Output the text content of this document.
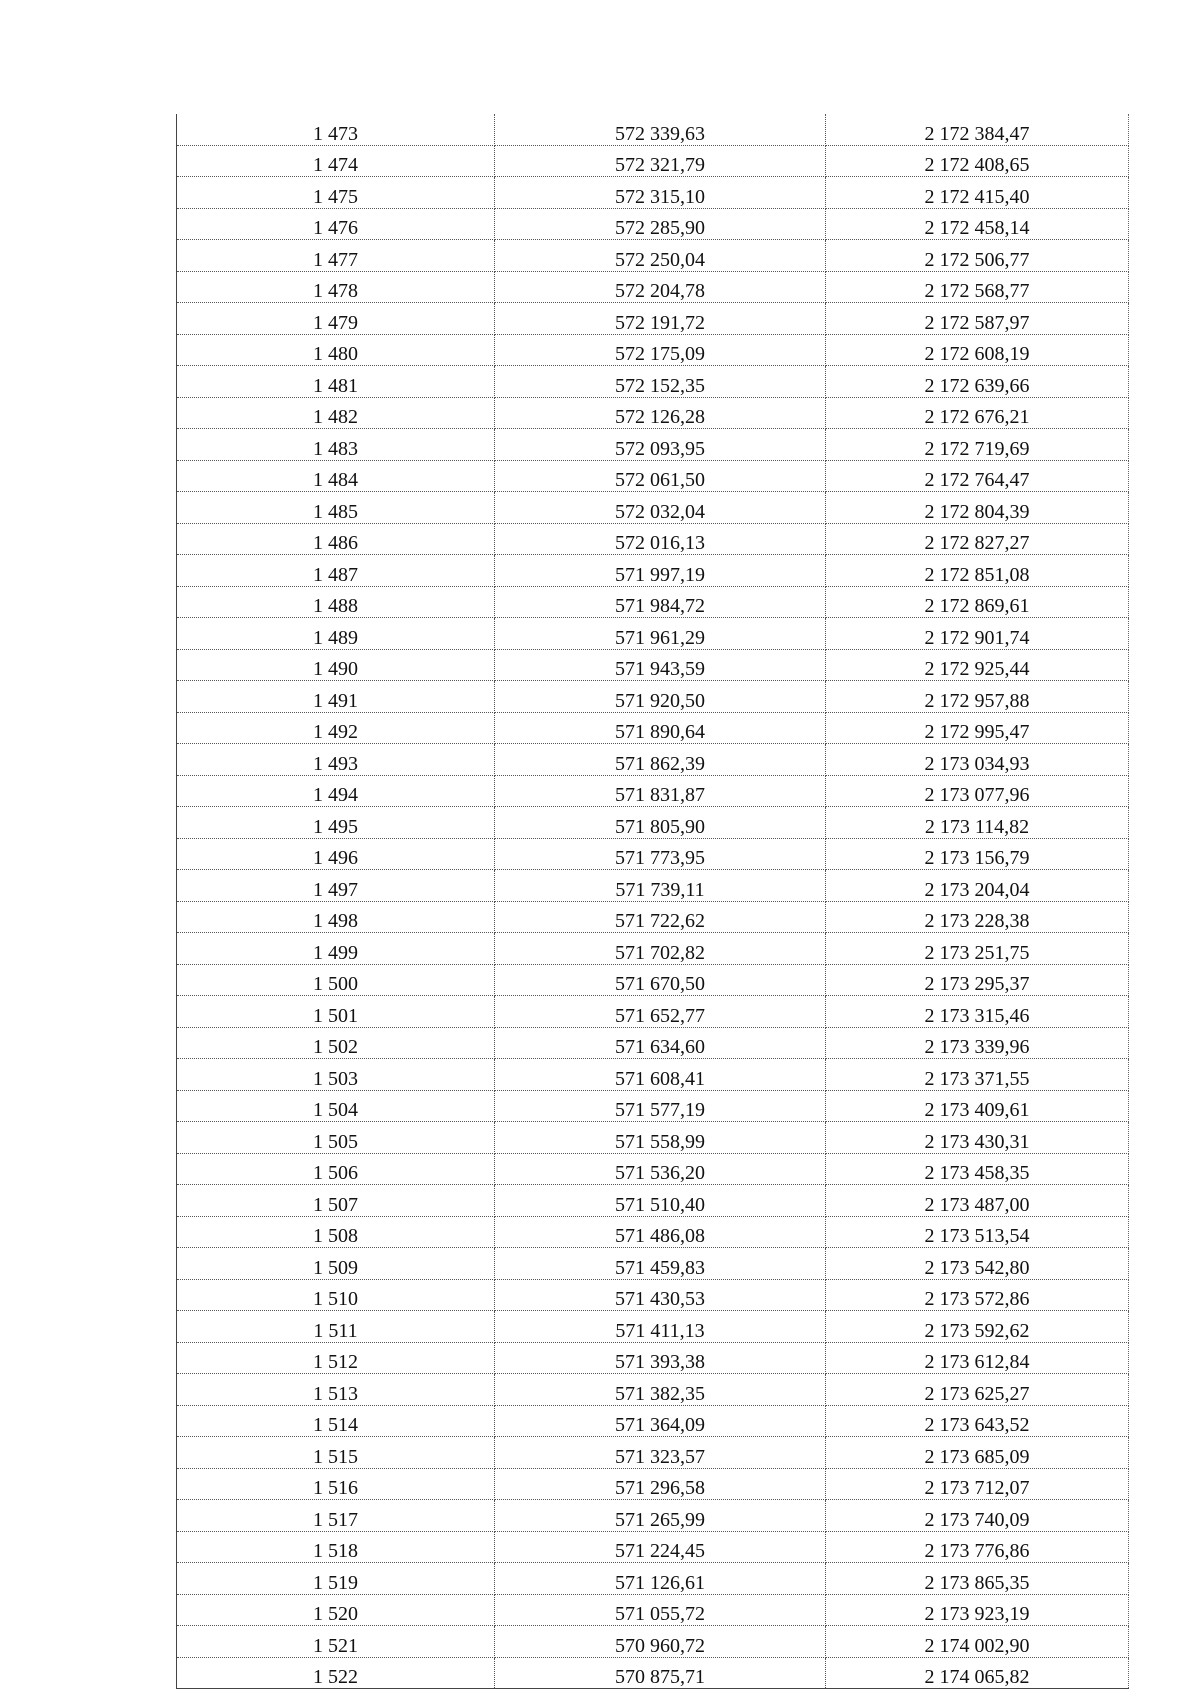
1 473	572 339,63	2 172 384,47
1 474	572 321,79	2 172 408,65
1 475	572 315,10	2 172 415,40
1 476	572 285,90	2 172 458,14
1 477	572 250,04	2 172 506,77
1 478	572 204,78	2 172 568,77
1 479	572 191,72	2 172 587,97
1 480	572 175,09	2 172 608,19
1 481	572 152,35	2 172 639,66
1 482	572 126,28	2 172 676,21
1 483	572 093,95	2 172 719,69
1 484	572 061,50	2 172 764,47
1 485	572 032,04	2 172 804,39
1 486	572 016,13	2 172 827,27
1 487	571 997,19	2 172 851,08
1 488	571 984,72	2 172 869,61
1 489	571 961,29	2 172 901,74
1 490	571 943,59	2 172 925,44
1 491	571 920,50	2 172 957,88
1 492	571 890,64	2 172 995,47
1 493	571 862,39	2 173 034,93
1 494	571 831,87	2 173 077,96
1 495	571 805,90	2 173 114,82
1 496	571 773,95	2 173 156,79
1 497	571 739,11	2 173 204,04
1 498	571 722,62	2 173 228,38
1 499	571 702,82	2 173 251,75
1 500	571 670,50	2 173 295,37
1 501	571 652,77	2 173 315,46
1 502	571 634,60	2 173 339,96
1 503	571 608,41	2 173 371,55
1 504	571 577,19	2 173 409,61
1 505	571 558,99	2 173 430,31
1 506	571 536,20	2 173 458,35
1 507	571 510,40	2 173 487,00
1 508	571 486,08	2 173 513,54
1 509	571 459,83	2 173 542,80
1 510	571 430,53	2 173 572,86
1 511	571 411,13	2 173 592,62
1 512	571 393,38	2 173 612,84
1 513	571 382,35	2 173 625,27
1 514	571 364,09	2 173 643,52
1 515	571 323,57	2 173 685,09
1 516	571 296,58	2 173 712,07
1 517	571 265,99	2 173 740,09
1 518	571 224,45	2 173 776,86
1 519	571 126,61	2 173 865,35
1 520	571 055,72	2 173 923,19
1 521	570 960,72	2 174 002,90
1 522	570 875,71	2 174 065,82
